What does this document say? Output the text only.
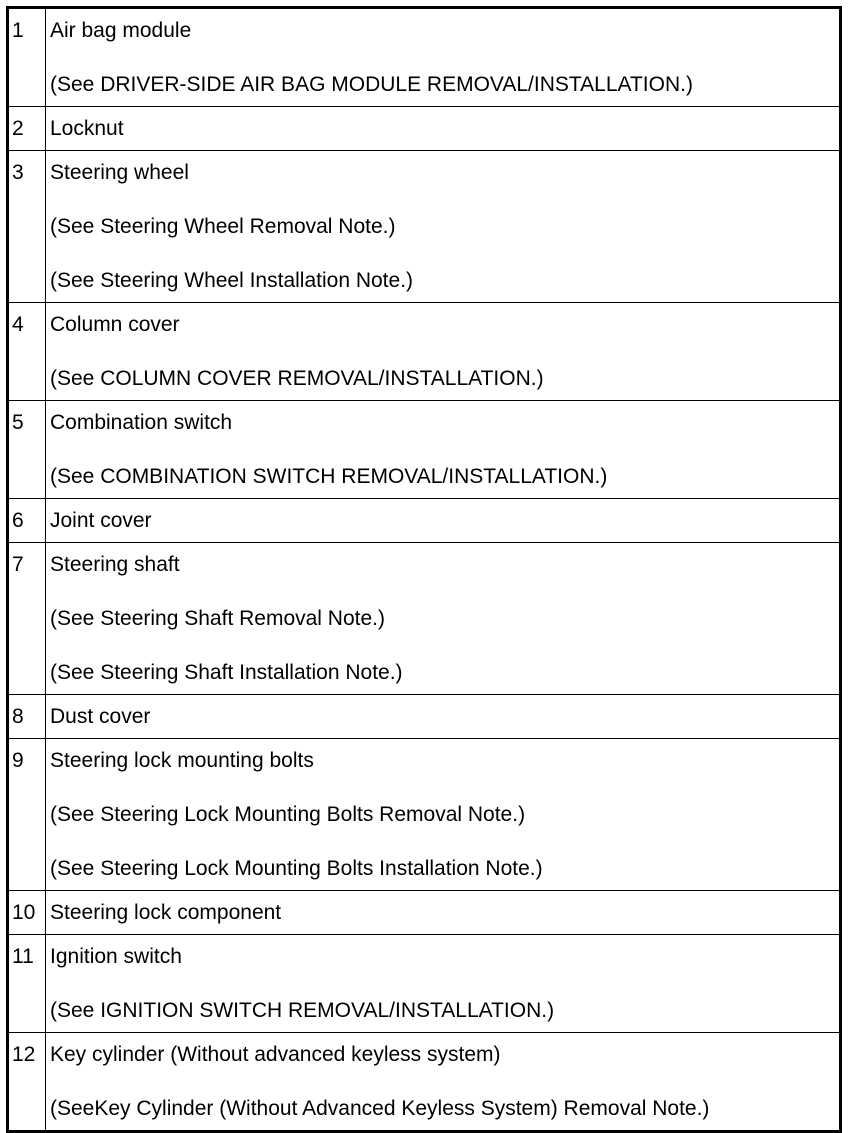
1	Air bag module
(See DRIVER-SIDE AIR BAG MODULE REMOVAL/INSTALLATION.)

2	Locknut

3	Steering wheel
(See Steering Wheel Removal Note.)
(See Steering Wheel Installation Note.)

4	Column cover
(See COLUMN COVER REMOVAL/INSTALLATION.)

5	Combination switch
(See COMBINATION SWITCH REMOVAL/INSTALLATION.)

6	Joint cover

7	Steering shaft
(See Steering Shaft Removal Note.)
(See Steering Shaft Installation Note.)

8	Dust cover

9	Steering lock mounting bolts
(See Steering Lock Mounting Bolts Removal Note.)
(See Steering Lock Mounting Bolts Installation Note.)

10	Steering lock component

11	Ignition switch
(See IGNITION SWITCH REMOVAL/INSTALLATION.)

12	Key cylinder (Without advanced keyless system)
(SeeKey Cylinder (Without Advanced Keyless System) Removal Note.)
